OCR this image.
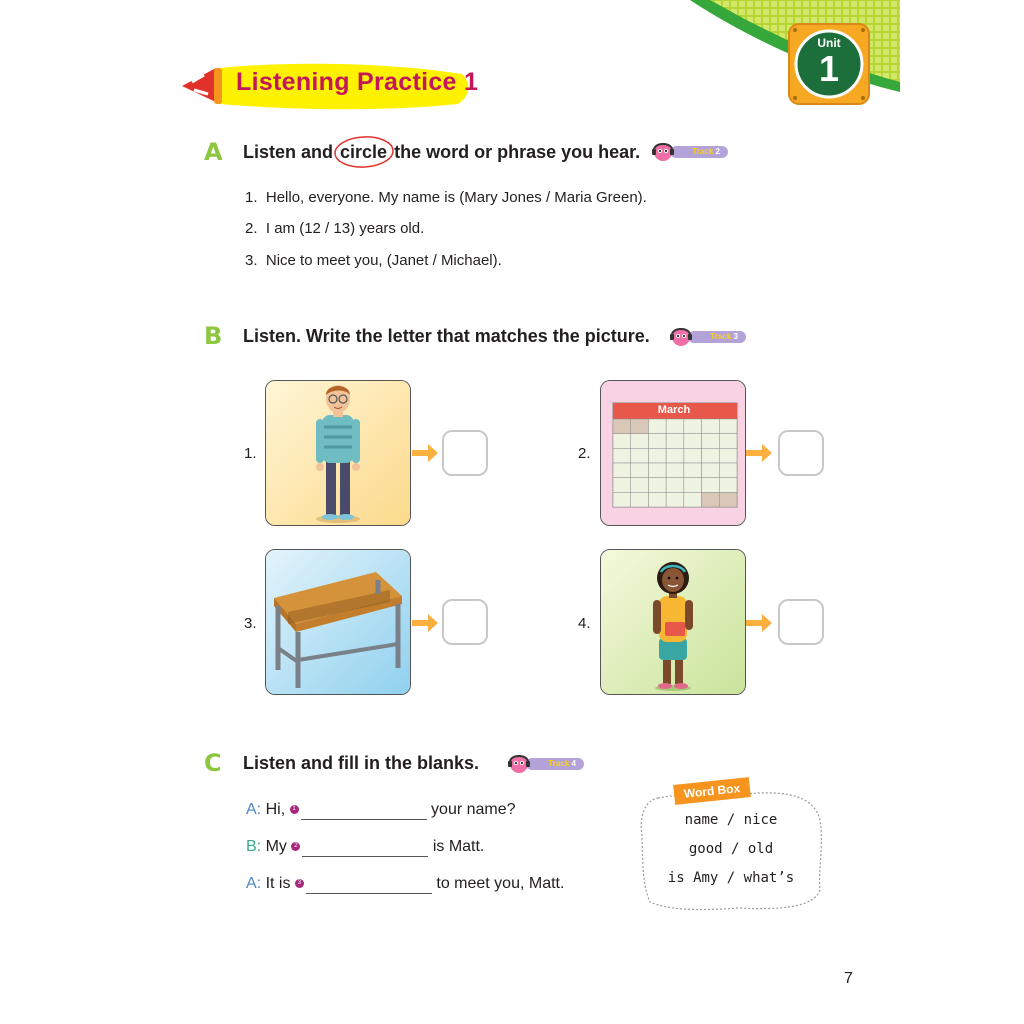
Unit
1
Listening Practice 1
A Listen and circle the word or phrase you hear.	Track 2
1. Hello, everyone. My name is (Mary Jones / Maria Green).
2. I am (12 / 13) years old.
3. Nice to meet you, (Janet / Michael).
B Listen. Write the letter that matches the picture.	Track 3
1.	2.
March
3.	4.
C Listen and fill in the blanks.	Track 4
A: Hi, 1	your name?
B: My 2	is Matt.
A: It is 3	to meet you, Matt.
Word Box
name / nice
good / old
is Amy / what’s
7
